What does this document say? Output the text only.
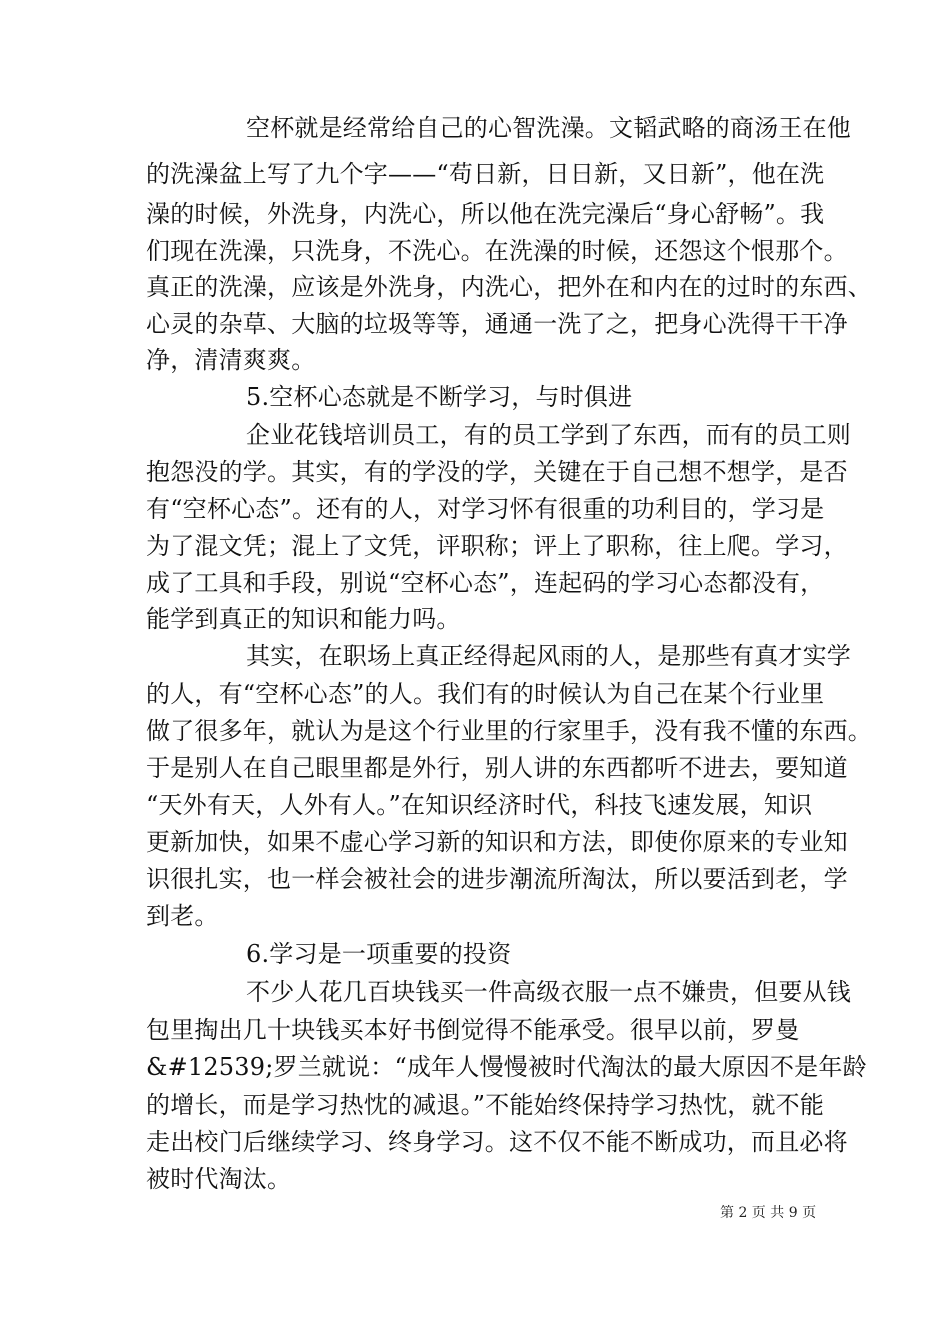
空杯就是经常给自己的心智洗澡。文韬武略的商汤王在他
的洗澡盆上写了九个字——“苟日新，日日新，又日新”，他在洗
澡的时候，外洗身，内洗心，所以他在洗完澡后“身心舒畅”。我
们现在洗澡，只洗身，不洗心。在洗澡的时候，还怨这个恨那个。
真正的洗澡，应该是外洗身，内洗心，把外在和内在的过时的东西、
心灵的杂草、大脑的垃圾等等，通通一洗了之，把身心洗得干干净
净，清清爽爽。
5.空杯心态就是不断学习，与时俱进
企业花钱培训员工，有的员工学到了东西，而有的员工则
抱怨没的学。其实，有的学没的学，关键在于自己想不想学，是否
有“空杯心态”。还有的人，对学习怀有很重的功利目的，学习是
为了混文凭；混上了文凭，评职称；评上了职称，往上爬。学习，
成了工具和手段，别说“空杯心态”，连起码的学习心态都没有，
能学到真正的知识和能力吗。
其实，在职场上真正经得起风雨的人，是那些有真才实学
的人，有“空杯心态”的人。我们有的时候认为自己在某个行业里
做了很多年，就认为是这个行业里的行家里手，没有我不懂的东西。
于是别人在自己眼里都是外行，别人讲的东西都听不进去，要知道
“天外有天，人外有人。”在知识经济时代，科技飞速发展，知识
更新加快，如果不虚心学习新的知识和方法，即使你原来的专业知
识很扎实，也一样会被社会的进步潮流所淘汰，所以要活到老，学
到老。
6.学习是一项重要的投资
不少人花几百块钱买一件高级衣服一点不嫌贵，但要从钱
包里掏出几十块钱买本好书倒觉得不能承受。很早以前，罗曼
&#12539;罗兰就说：“成年人慢慢被时代淘汰的最大原因不是年龄
的增长，而是学习热忱的减退。”不能始终保持学习热忱，就不能
走出校门后继续学习、终身学习。这不仅不能不断成功，而且必将
被时代淘汰。
第 2 页 共 9 页
